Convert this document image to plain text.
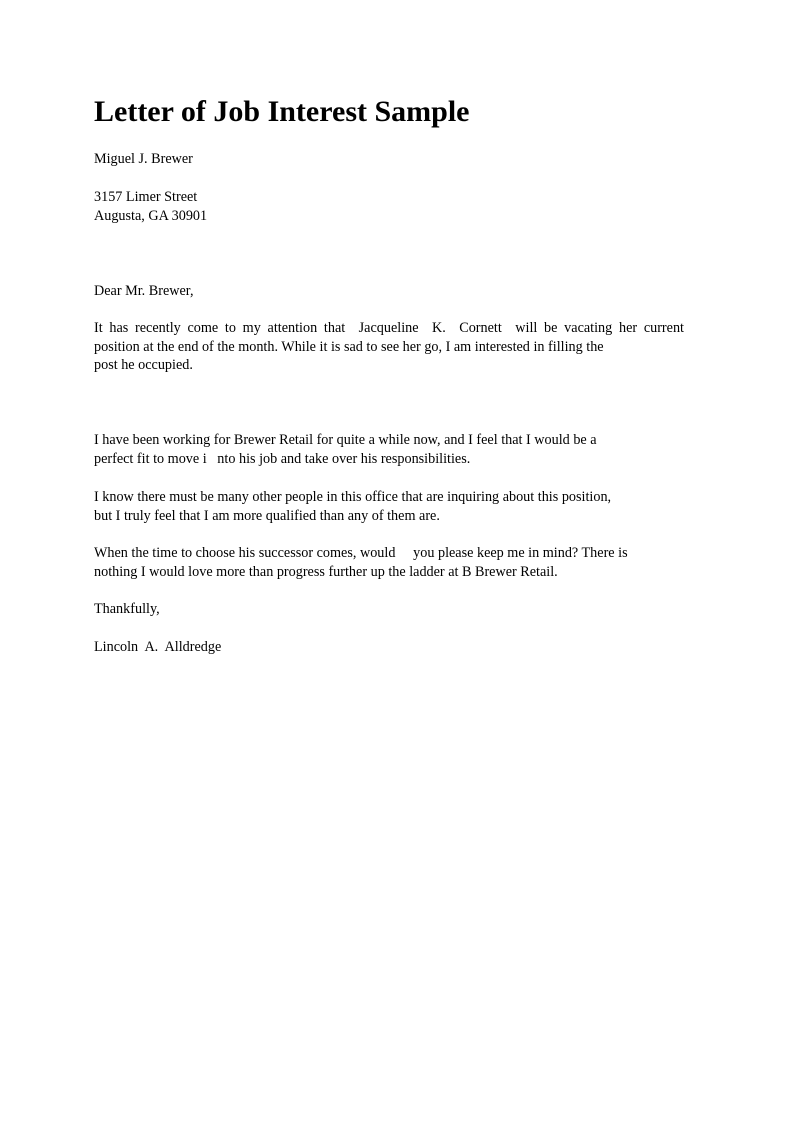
Letter of Job Interest Sample
Miguel J. Brewer
3157 Limer Street
Augusta, GA 30901
Dear Mr. Brewer,
It has recently come to my attention that  Jacqueline  K.  Cornett  will be vacating her current
position at the end of the month. While it is sad to see her go, I am interested in filling the
post he occupied.
I have been working for Brewer Retail for quite a while now, and I feel that I would be a
perfect fit to move i   nto his job and take over his responsibilities.
I know there must be many other people in this office that are inquiring about this position,
but I truly feel that I am more qualified than any of them are.
When the time to choose his successor comes, would     you please keep me in mind? There is
nothing I would love more than progress further up the ladder at B Brewer Retail.
Thankfully,
Lincoln  A.  Alldredge
